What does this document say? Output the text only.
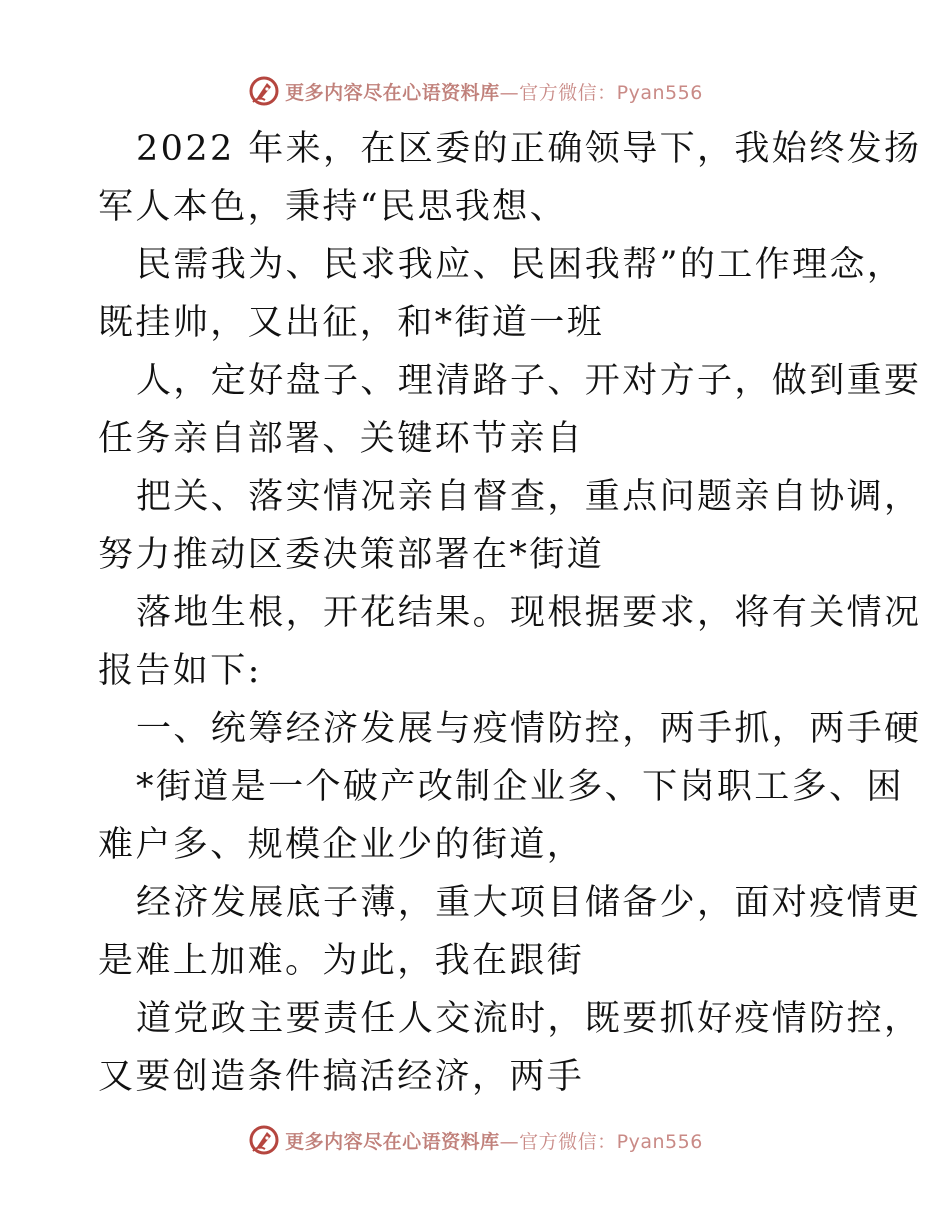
更多内容尽在心语资料库—官方微信：Pyan556
2022 年来，在区委的正确领导下，我始终发扬
军人本色，秉持“民思我想、
民需我为、民求我应、民困我帮”的工作理念，
既挂帅，又出征，和*街道一班
人，定好盘子、理清路子、开对方子，做到重要
任务亲自部署、关键环节亲自
把关、落实情况亲自督查，重点问题亲自协调，
努力推动区委决策部署在*街道
落地生根，开花结果。现根据要求，将有关情况
报告如下:
一、统筹经济发展与疫情防控，两手抓，两手硬
*街道是一个破产改制企业多、下岗职工多、困
难户多、规模企业少的街道，
经济发展底子薄，重大项目储备少，面对疫情更
是难上加难。为此，我在跟街
道党政主要责任人交流时，既要抓好疫情防控，
又要创造条件搞活经济，两手
更多内容尽在心语资料库—官方微信：Pyan556
